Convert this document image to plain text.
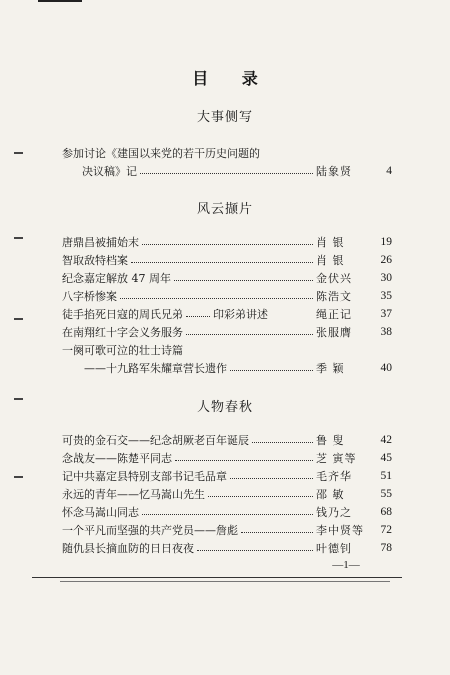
目 录
大事侧写
参加讨论《建国以来党的若干历史问题的
决议稿》记	陆象贤	4
风云撷片
唐鼎昌被捕始末	肖 银	19
智取敌特档案	肖 银	26
纪念嘉定解放 47 周年	金伏兴	30
八字桥惨案	陈浩文	35
徒手掐死日寇的周氏兄弟	印彩弟讲述	绳正记	37
在南翔红十字会义务服务	张服膺	38
一阕可歌可泣的壮士诗篇
——十九路军朱耀章营长遗作	季 颖	40
人物春秋
可贵的金石交——纪念胡厥老百年诞辰	鲁 叟	42
念战友——陈楚平同志	芝 寅等	45
记中共嘉定县特别支部书记毛品章	毛齐华	51
永远的青年——忆马嵩山先生	邵 敏	55
怀念马嵩山同志	钱乃之	68
一个平凡而坚强的共产党员——詹彪	李中贤等	72
随仇县长摘血防的日日夜夜	叶德钊	78
—1—
